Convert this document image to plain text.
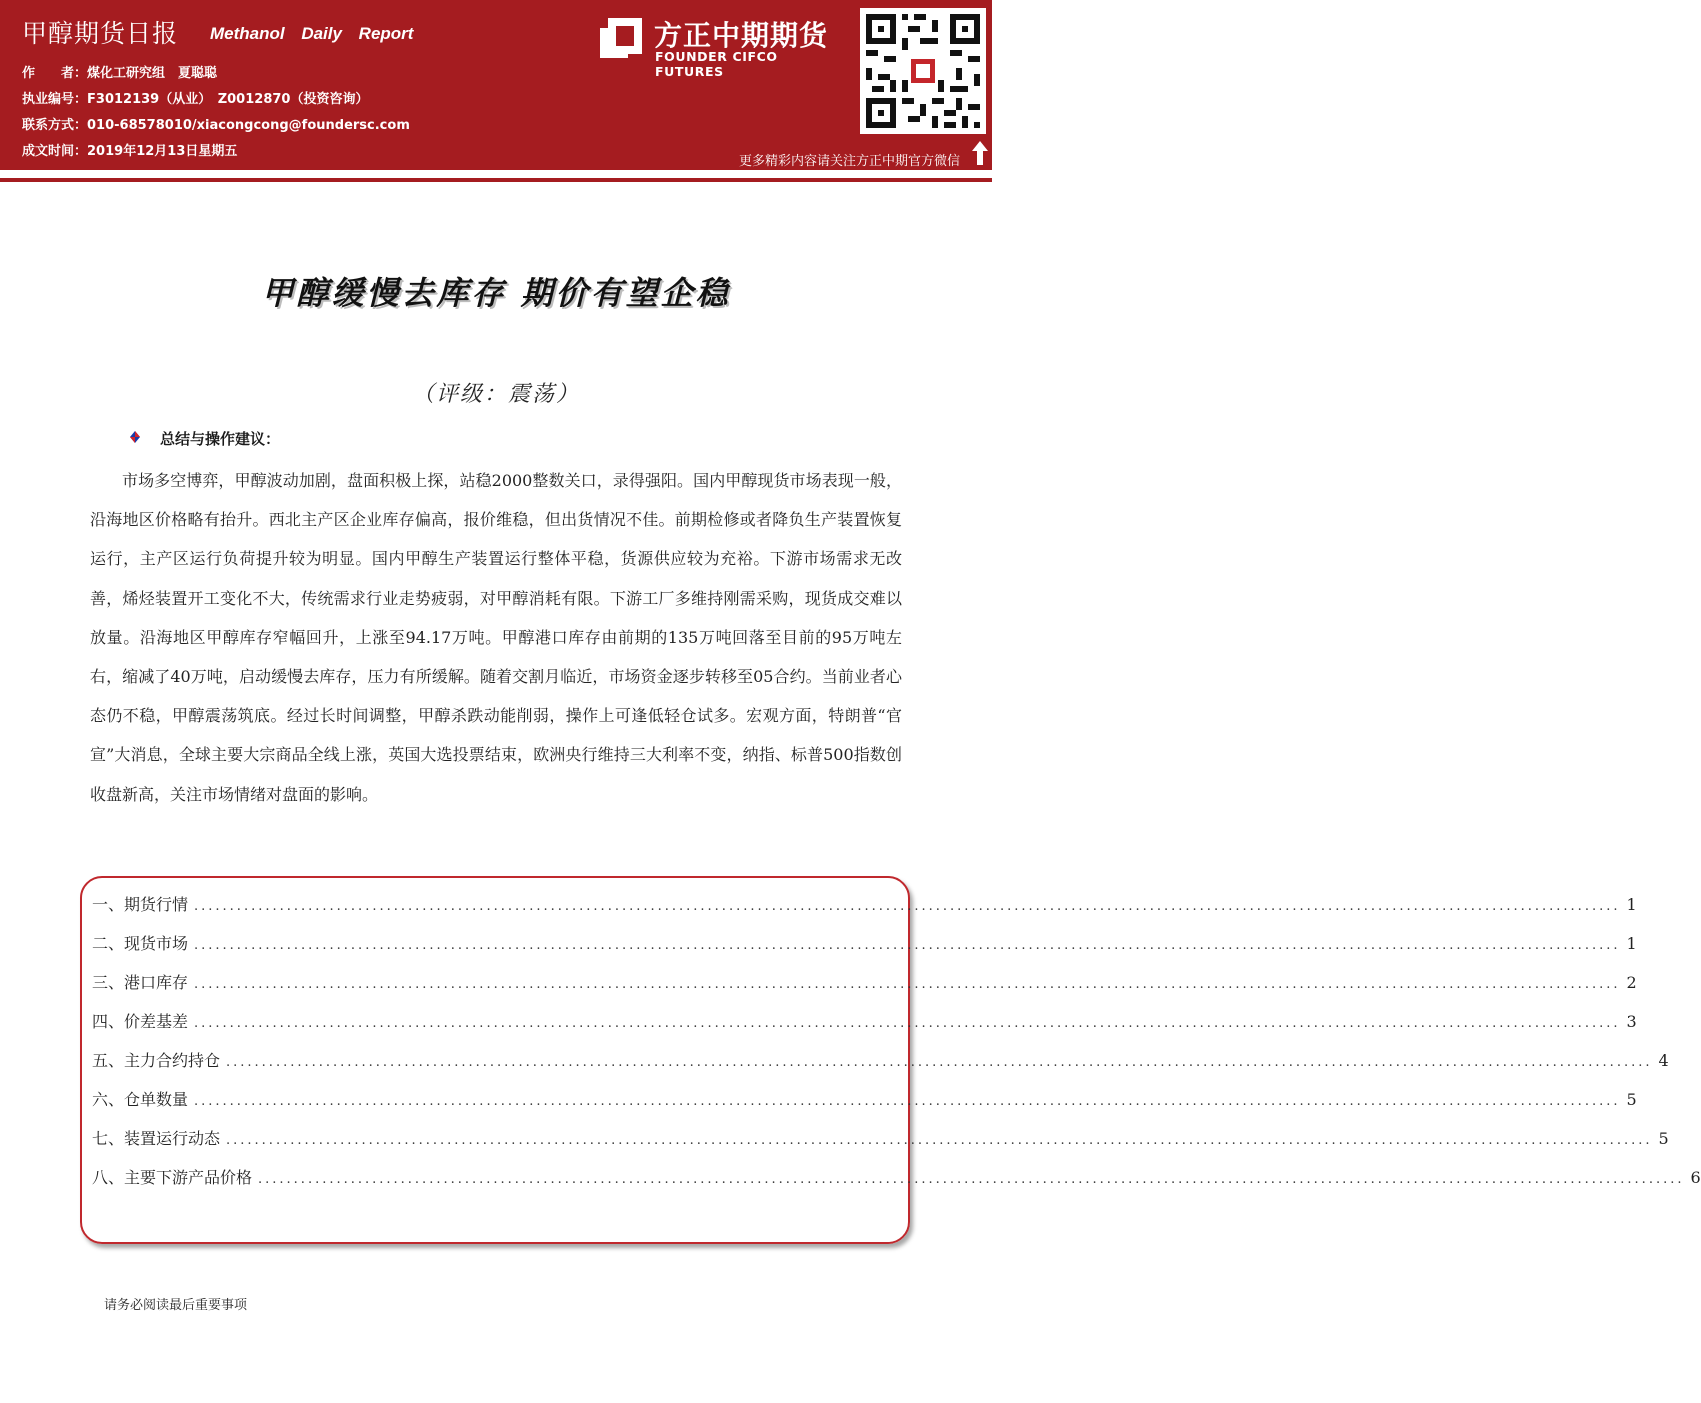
甲醇期货日报 Methanol Daily Report
作　　者：煤化工研究组　夏聪聪
执业编号：F3012139（从业）　Z0012870（投资咨询）
联系方式：010-68578010/xiacongcong@foundersc.com
成文时间：2019年12月13日星期五
方正中期期货
FOUNDER CIFCO FUTURES
更多精彩内容请关注方正中期官方微信
甲醇缓慢去库存 期价有望企稳
（评级：震荡）
总结与操作建议：
市场多空博弈，甲醇波动加剧，盘面积极上探，站稳2000整数关口，录得强阳。国内甲醇现货市场表现一般，沿海地区价格略有抬升。西北主产区企业库存偏高，报价维稳，但出货情况不佳。前期检修或者降负生产装置恢复运行，主产区运行负荷提升较为明显。国内甲醇生产装置运行整体平稳，货源供应较为充裕。下游市场需求无改善，烯烃装置开工变化不大，传统需求行业走势疲弱，对甲醇消耗有限。下游工厂多维持刚需采购，现货成交难以放量。沿海地区甲醇库存窄幅回升，上涨至94.17万吨。甲醇港口库存由前期的135万吨回落至目前的95万吨左右，缩减了40万吨，启动缓慢去库存，压力有所缓解。随着交割月临近，市场资金逐步转移至05合约。当前业者心态仍不稳，甲醇震荡筑底。经过长时间调整，甲醇杀跌动能削弱，操作上可逢低轻仓试多。宏观方面，特朗普“官宣”大消息，全球主要大宗商品全线上涨，英国大选投票结束，欧洲央行维持三大利率不变，纳指、标普500指数创收盘新高，关注市场情绪对盘面的影响。
一、期货行情 ........................................................................................................................................................................................................ 1
二、现货市场 ........................................................................................................................................................................................................ 1
三、港口库存 ........................................................................................................................................................................................................ 2
四、价差基差 ........................................................................................................................................................................................................ 3
五、主力合约持仓 ........................................................................................................................................................................................................ 4
六、仓单数量 ........................................................................................................................................................................................................ 5
七、装置运行动态 ........................................................................................................................................................................................................ 5
八、主要下游产品价格 ........................................................................................................................................................................................................ 6
请务必阅读最后重要事项
